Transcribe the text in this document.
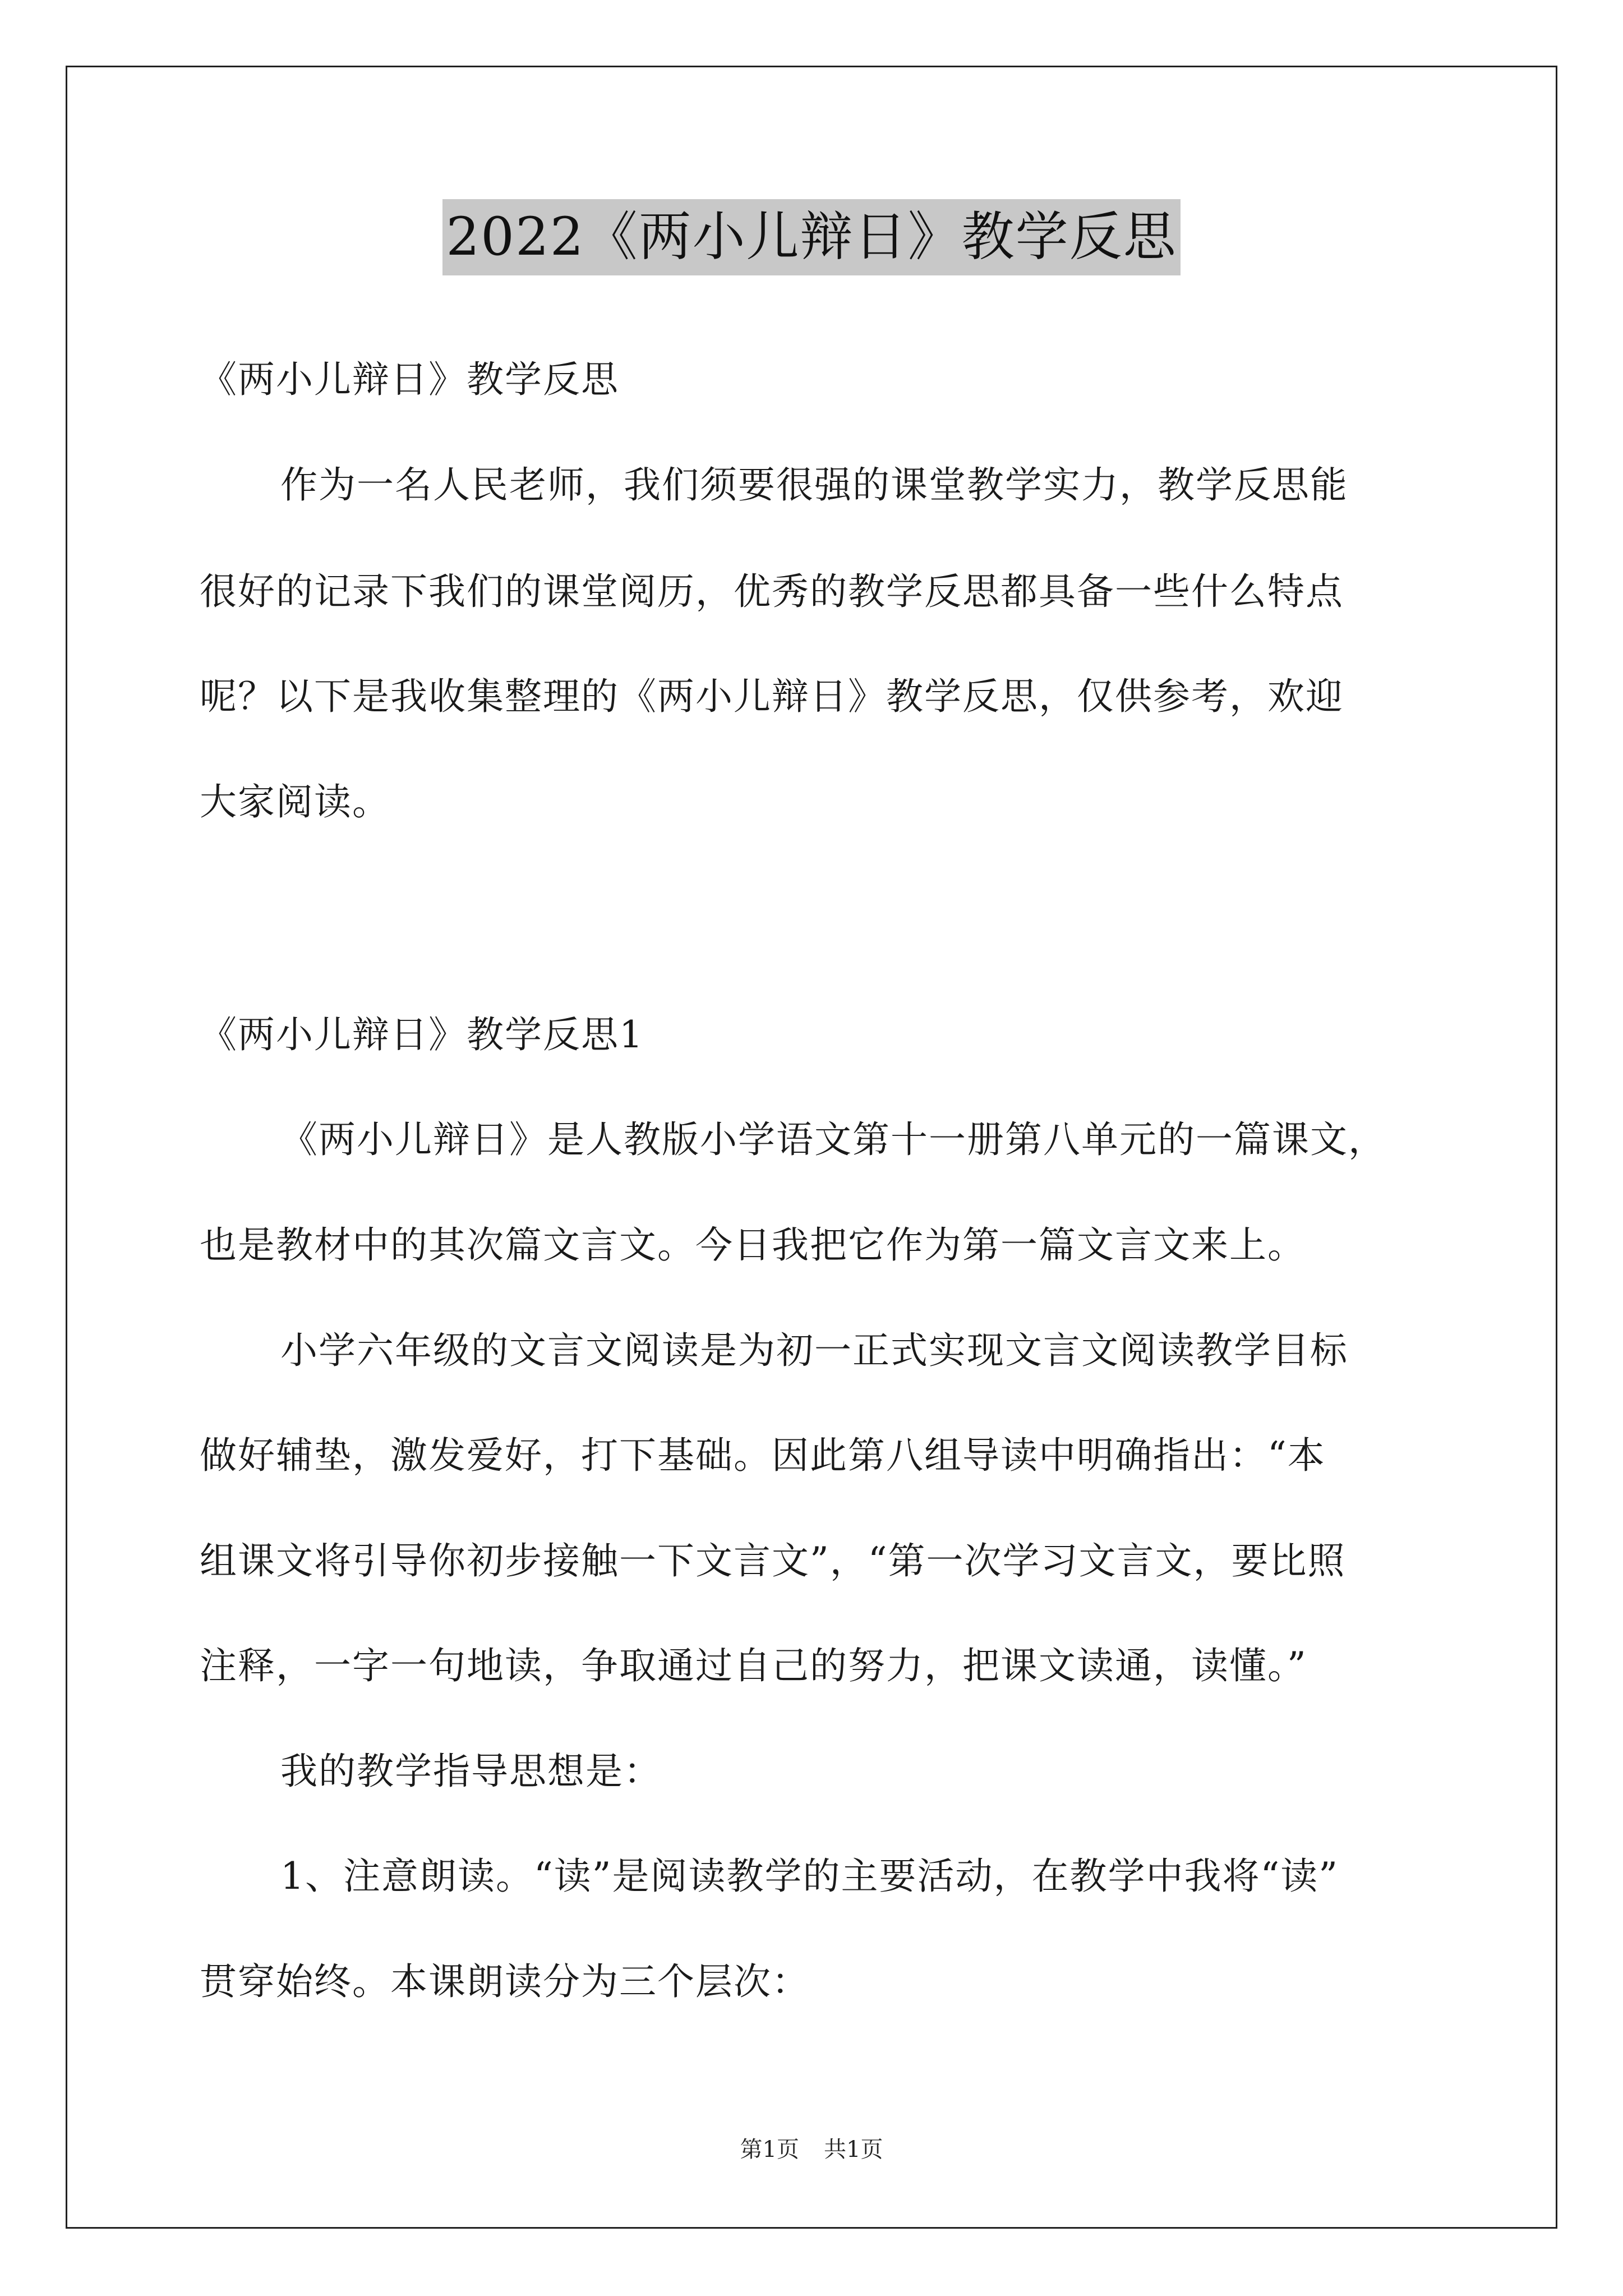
2022《两小儿辩日》教学反思
《两小儿辩日》教学反思
作为一名人民老师，我们须要很强的课堂教学实力，教学反思能
很好的记录下我们的课堂阅历，优秀的教学反思都具备一些什么特点
呢？以下是我收集整理的《两小儿辩日》教学反思，仅供参考，欢迎
大家阅读。
《两小儿辩日》教学反思1
《两小儿辩日》是人教版小学语文第十一册第八单元的一篇课文，
也是教材中的其次篇文言文。今日我把它作为第一篇文言文来上。
小学六年级的文言文阅读是为初一正式实现文言文阅读教学目标
做好辅垫，激发爱好，打下基础。因此第八组导读中明确指出：“本
组课文将引导你初步接触一下文言文”，“第一次学习文言文，要比照
注释，一字一句地读，争取通过自己的努力，把课文读通，读懂。”
我的教学指导思想是：
1、注意朗读。“读”是阅读教学的主要活动，在教学中我将“读”
贯穿始终。本课朗读分为三个层次：
第1页 共1页
